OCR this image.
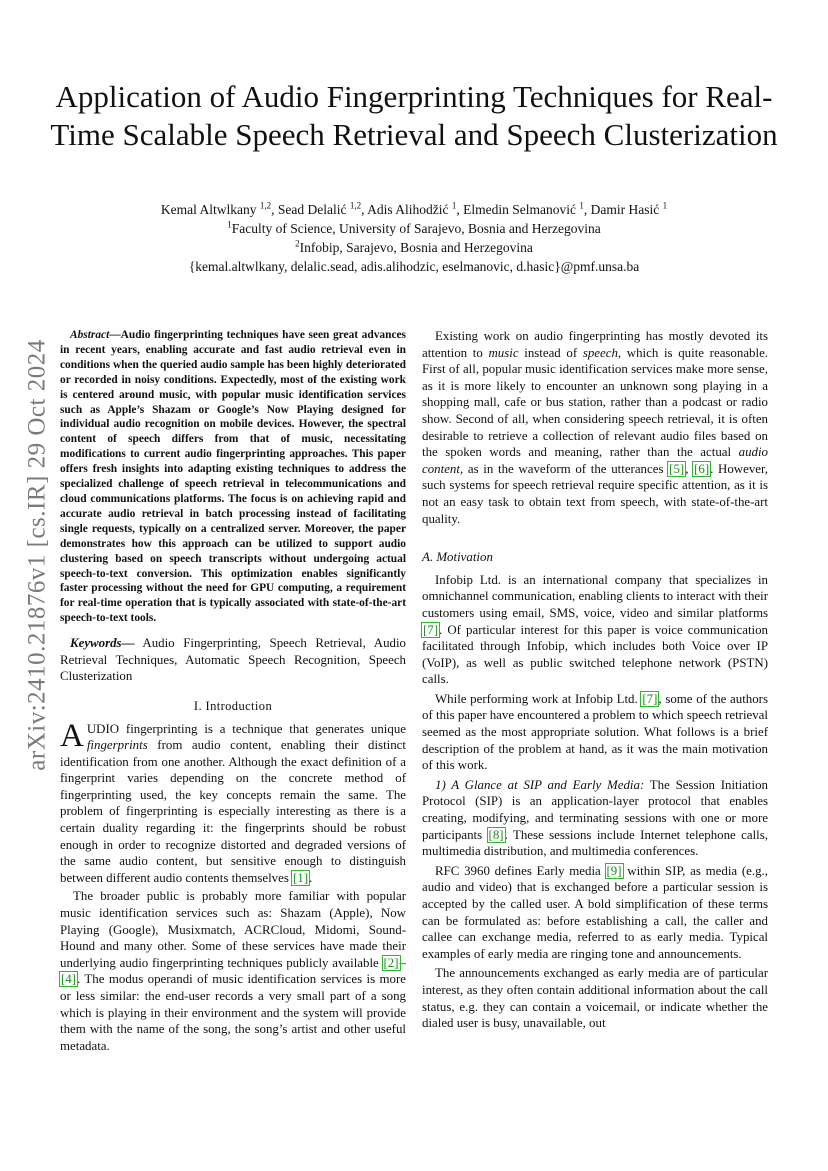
arXiv:2410.21876v1 [cs.IR] 29 Oct 2024
Application of Audio Fingerprinting Techniques for Real-Time Scalable Speech Retrieval and Speech Clusterization
Kemal Altwlkany $^{1,2}$, Sead Delalić $^{1,2}$, Adis Alihodžić $^1$, Elmedin Selmanović $^1$, Damir Hasić $^1$
$^1$Faculty of Science, University of Sarajevo, Bosnia and Herzegovina
$^2$Infobip, Sarajevo, Bosnia and Herzegovina
{kemal.altwlkany, delalic.sead, adis.alihodzic, eselmanovic, d.hasic}@pmf.unsa.ba

Abstract—Audio fingerprinting techniques have seen great advances in recent years, enabling accurate and fast audio retrieval even in conditions when the queried audio sample has been highly deteriorated or recorded in noisy conditions. Expectedly, most of the existing work is centered around music, with popular music identification services such as Apple’s Shazam or Google’s Now Playing designed for individual audio recognition on mobile devices. However, the spectral content of speech differs from that of music, necessitating modifications to current audio fingerprinting approaches. This paper offers fresh insights into adapting existing techniques to address the specialized challenge of speech retrieval in telecommunications and cloud communications platforms. The focus is on achieving rapid and accurate audio retrieval in batch processing instead of facilitating single requests, typically on a centralized server. Moreover, the paper demonstrates how this approach can be utilized to support audio clustering based on speech transcripts without undergoing actual speech-to-text conversion. This optimization enables significantly faster processing without the need for GPU computing, a requirement for real-time operation that is typically associated with state-of-the-art speech-to-text tools.

Keywords— Audio Fingerprinting, Speech Retrieval, Audio Retrieval Techniques, Automatic Speech Recognition, Speech Clusterization

I. Introduction

AUDIO fingerprinting is a technique that generates unique fingerprints from audio content, enabling their distinct identification from one another. Although the exact definition of a fingerprint varies depending on the concrete method of fingerprinting used, the key concepts remain the same. The problem of fingerprinting is especially interesting as there is a certain duality regarding it: the fingerprints should be robust enough in order to recognize distorted and degraded versions of the same audio content, but sensitive enough to distinguish between different audio contents themselves [1].

The broader public is probably more familiar with popular music identification services such as: Shazam (Apple), Now Playing (Google), Musixmatch, ACRCloud, Midomi, Sound-Hound and many other. Some of these services have made their underlying audio fingerprinting techniques publicly available [2]–[4]. The modus operandi of music identification services is more or less similar: the end-user records a very small part of a song which is playing in their environment and the system will provide them with the name of the song, the song’s artist and other useful metadata.

Existing work on audio fingerprinting has mostly devoted its attention to music instead of speech, which is quite reasonable. First of all, popular music identification services make more sense, as it is more likely to encounter an unknown song playing in a shopping mall, cafe or bus station, rather than a podcast or radio show. Second of all, when considering speech retrieval, it is often desirable to retrieve a collection of relevant audio files based on the spoken words and meaning, rather than the actual audio content, as in the waveform of the utterances [5], [6]. However, such systems for speech retrieval require specific attention, as it is not an easy task to obtain text from speech, with state-of-the-art quality.

A. Motivation

Infobip Ltd. is an international company that specializes in omnichannel communication, enabling clients to interact with their customers using email, SMS, voice, video and similar platforms [7]. Of particular interest for this paper is voice communication facilitated through Infobip, which includes both Voice over IP (VoIP), as well as public switched telephone network (PSTN) calls.

While performing work at Infobip Ltd. [7], some of the authors of this paper have encountered a problem to which speech retrieval seemed as the most appropriate solution. What follows is a brief description of the problem at hand, as it was the main motivation of this work.

1) A Glance at SIP and Early Media: The Session Initiation Protocol (SIP) is an application-layer protocol that enables creating, modifying, and terminating sessions with one or more participants [8]. These sessions include Internet telephone calls, multimedia distribution, and multimedia conferences.

RFC 3960 defines Early media [9] within SIP, as media (e.g., audio and video) that is exchanged before a particular session is accepted by the called user. A bold simplification of these terms can be formulated as: before establishing a call, the caller and callee can exchange media, referred to as early media. Typical examples of early media are ringing tone and announcements.

The announcements exchanged as early media are of particular interest, as they often contain additional information about the call status, e.g. they can contain a voicemail, or indicate whether the dialed user is busy, unavailable, out
